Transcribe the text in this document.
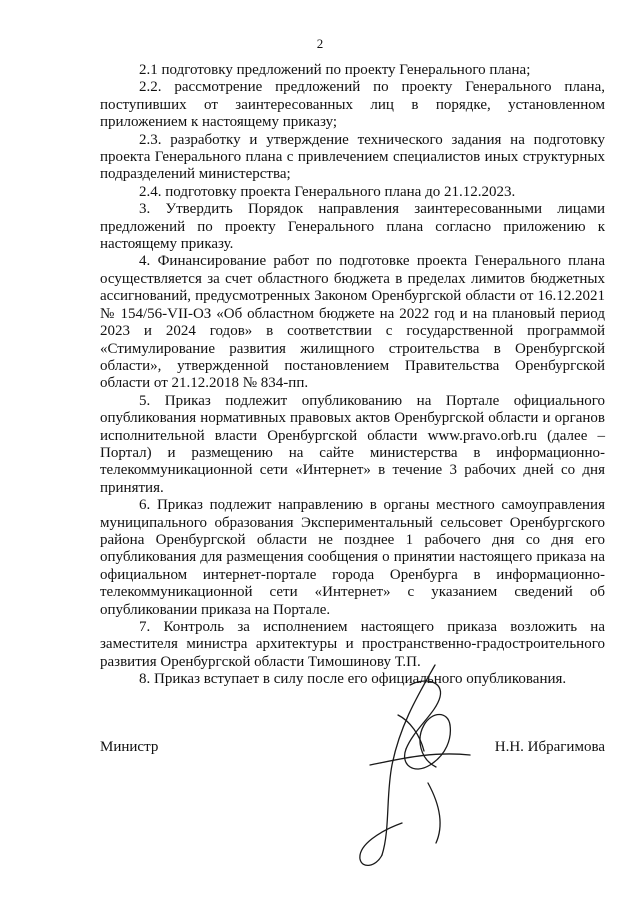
2

2.1 подготовку предложений по проекту Генерального плана;

2.2. рассмотрение предложений по проекту Генерального плана, поступивших от заинтересованных лиц в порядке, установленном приложением к настоящему приказу;

2.3. разработку и утверждение технического задания на подготовку проекта Генерального плана с привлечением специалистов иных структурных подразделений министерства;

2.4. подготовку проекта Генерального плана до 21.12.2023.

3. Утвердить Порядок направления заинтересованными лицами предложений по проекту Генерального плана согласно приложению к настоящему приказу.

4. Финансирование работ по подготовке проекта Генерального плана осуществляется за счет областного бюджета в пределах лимитов бюджетных ассигнований, предусмотренных Законом Оренбургской области от 16.12.2021 № 154/56-VII-ОЗ «Об областном бюджете на 2022 год и на плановый период 2023 и 2024 годов» в соответствии с государственной программой «Стимулирование развития жилищного строительства в Оренбургской области», утвержденной постановлением Правительства Оренбургской области от 21.12.2018 № 834-пп.

5. Приказ подлежит опубликованию на Портале официального опубликования нормативных правовых актов Оренбургской области и органов исполнительной власти Оренбургской области www.pravo.orb.ru (далее – Портал) и размещению на сайте министерства в информационно-телекоммуникационной сети «Интернет» в течение 3 рабочих дней со дня принятия.

6. Приказ подлежит направлению в органы местного самоуправления муниципального образования Экспериментальный сельсовет Оренбургского района Оренбургской области не позднее 1 рабочего дня со дня его опубликования для размещения сообщения о принятии настоящего приказа на официальном интернет-портале города Оренбурга в информационно-телекоммуникационной сети «Интернет» с указанием сведений об опубликовании приказа на Портале.

7. Контроль за исполнением настоящего приказа возложить на заместителя министра архитектуры и пространственно-градостроительного развития Оренбургской области Тимошинову Т.П.

8. Приказ вступает в силу после его официального опубликования.

Министр	Н.Н. Ибрагимова
